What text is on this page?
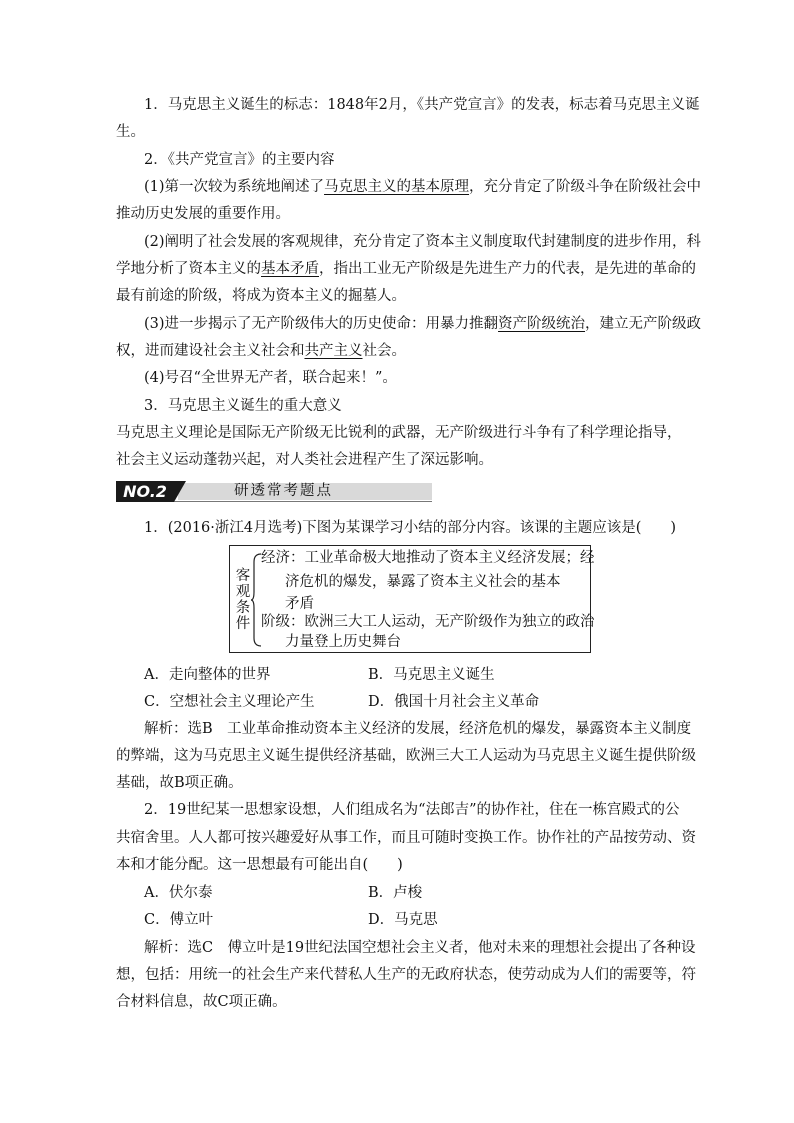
1．马克思主义诞生的标志：1848年2月，《共产党宣言》的发表，标志着马克思主义诞
生。
2．《共产党宣言》的主要内容
(1)第一次较为系统地阐述了马克思主义的基本原理，充分肯定了阶级斗争在阶级社会中
推动历史发展的重要作用。
(2)阐明了社会发展的客观规律，充分肯定了资本主义制度取代封建制度的进步作用，科
学地分析了资本主义的基本矛盾，指出工业无产阶级是先进生产力的代表，是先进的革命的
最有前途的阶级，将成为资本主义的掘墓人。
(3)进一步揭示了无产阶级伟大的历史使命：用暴力推翻资产阶级统治，建立无产阶级政
权，进而建设社会主义社会和共产主义社会。
(4)号召“全世界无产者，联合起来！”。
3．马克思主义诞生的重大意义
马克思主义理论是国际无产阶级无比锐利的武器，无产阶级进行斗争有了科学理论指导，
社会主义运动蓬勃兴起，对人类社会进程产生了深远影响。
NO.2	研透常考题点
1．(2016·浙江4月选考)下图为某课学习小结的部分内容。该课的主题应该是(　　)
客
观
条
件
经济：工业革命极大地推动了资本主义经济发展；经
济危机的爆发，暴露了资本主义社会的基本
矛盾
阶级：欧洲三大工人运动，无产阶级作为独立的政治
力量登上历史舞台
A．走向整体的世界	B．马克思主义诞生
C．空想社会主义理论产生	D．俄国十月社会主义革命
解析：选B　工业革命推动资本主义经济的发展，经济危机的爆发，暴露资本主义制度
的弊端，这为马克思主义诞生提供经济基础，欧洲三大工人运动为马克思主义诞生提供阶级
基础，故B项正确。
2．19世纪某一思想家设想，人们组成名为“法郎吉”的协作社，住在一栋宫殿式的公
共宿舍里。人人都可按兴趣爱好从事工作，而且可随时变换工作。协作社的产品按劳动、资
本和才能分配。这一思想最有可能出自(　　)
A．伏尔泰	B．卢梭
C．傅立叶	D．马克思
解析：选C　傅立叶是19世纪法国空想社会主义者，他对未来的理想社会提出了各种设
想，包括：用统一的社会生产来代替私人生产的无政府状态，使劳动成为人们的需要等，符
合材料信息，故C项正确。
